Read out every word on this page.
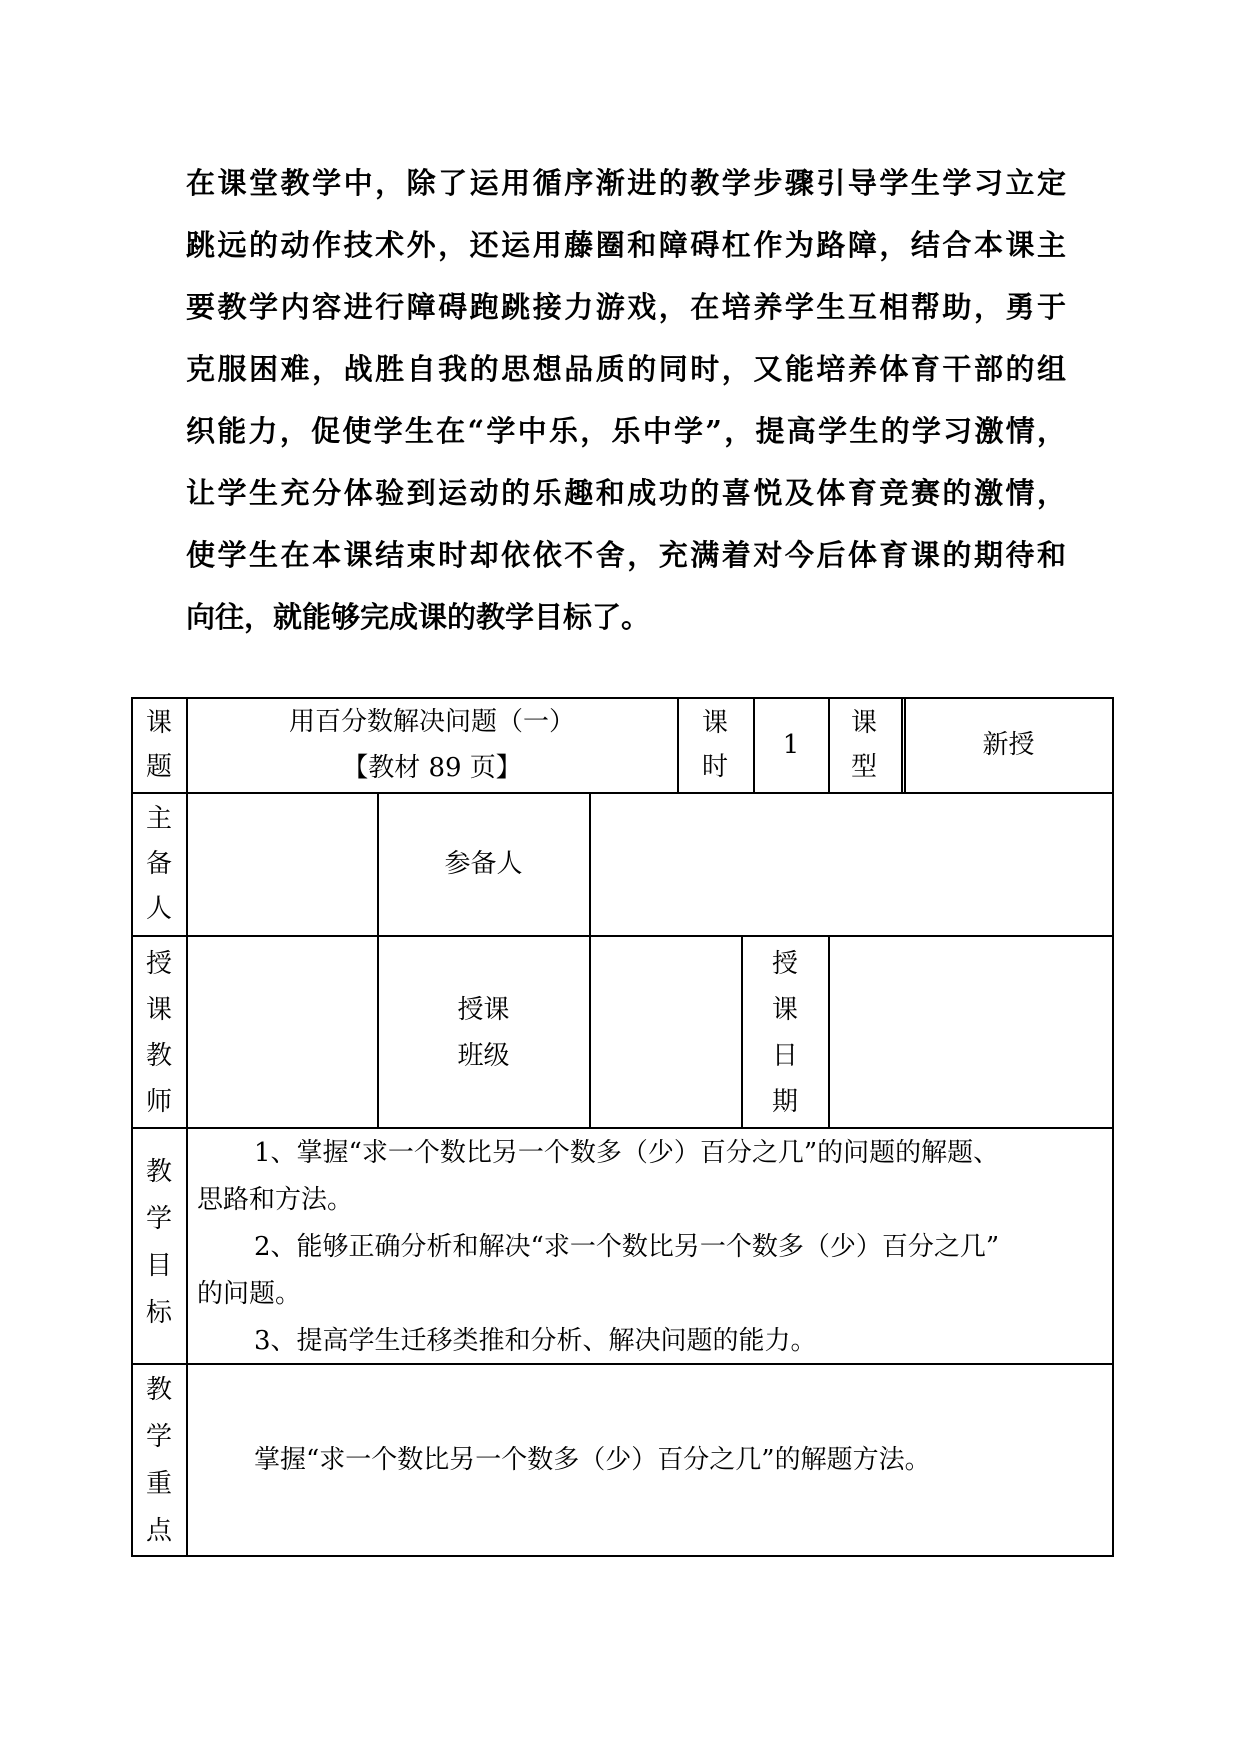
在课堂教学中，除了运用循序渐进的教学步骤引导学生学习立定
跳远的动作技术外，还运用藤圈和障碍杠作为路障，结合本课主
要教学内容进行障碍跑跳接力游戏，在培养学生互相帮助，勇于
克服困难，战胜自我的思想品质的同时，又能培养体育干部的组
织能力，促使学生在“学中乐，乐中学”，提高学生的学习激情，
让学生充分体验到运动的乐趣和成功的喜悦及体育竞赛的激情，
使学生在本课结束时却依依不舍，充满着对今后体育课的期待和
向往，就能够完成课的教学目标了。
课
题
用百分数解决问题（一）
【教材 89 页】
课
时
1
课
型
新授
主
备
人
参备人
授
课
教
师
授课
班级
授
课
日
期
教
学
目
标
1、掌握“求一个数比另一个数多（少）百分之几”的问题的解题、
思路和方法。
2、能够正确分析和解决“求一个数比另一个数多（少）百分之几”
的问题。
3、提高学生迁移类推和分析、解决问题的能力。
教
学
重
点
掌握“求一个数比另一个数多（少）百分之几”的解题方法。
